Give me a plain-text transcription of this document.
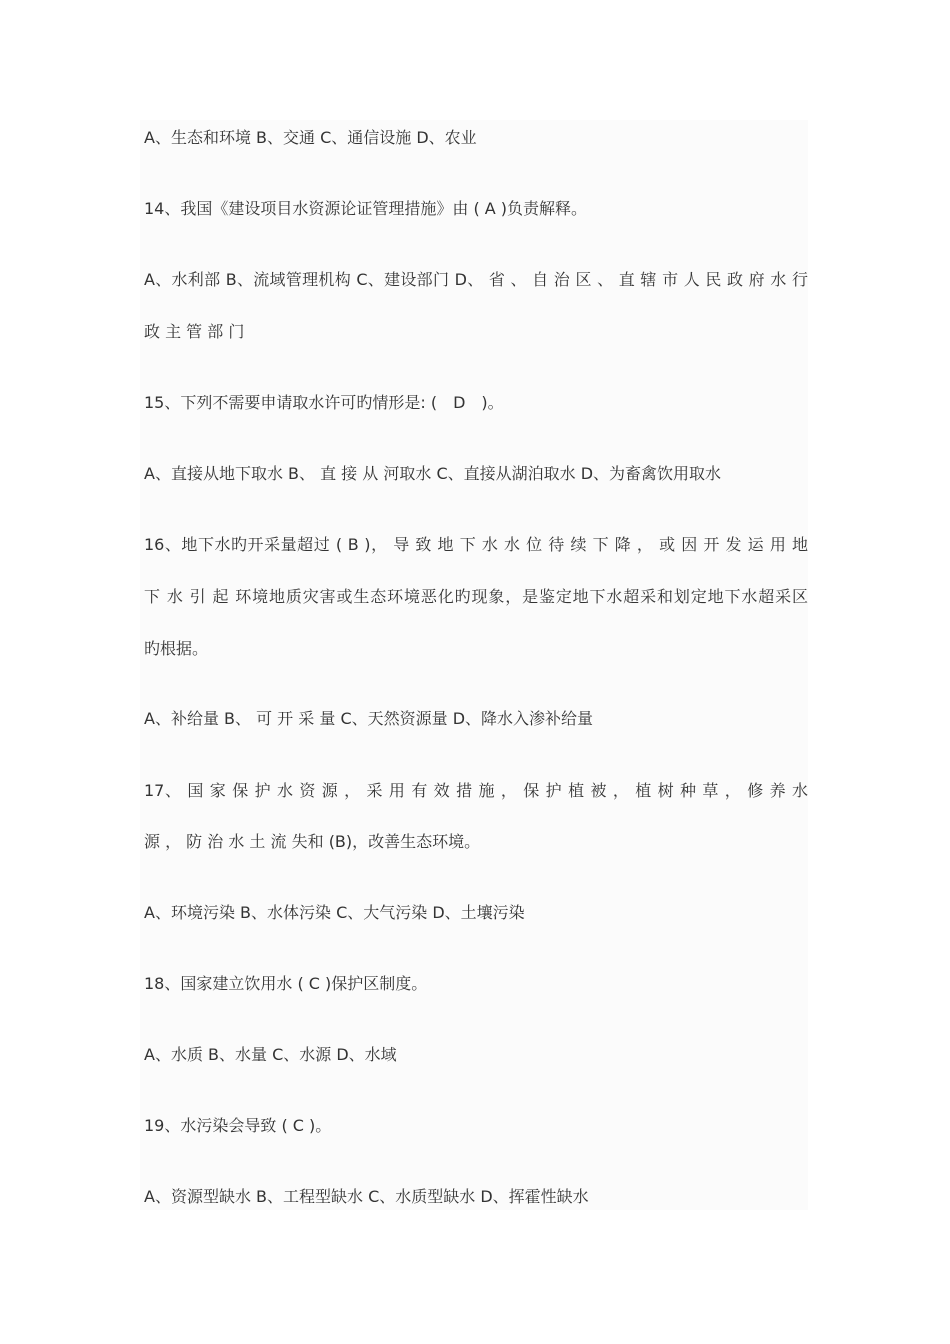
A、生态和环境 B、交通 C、通信设施 D、农业
14、我国《建设项目水资源论证管理措施》由 ( A )负责解释。
A、水利部 B、流域管理机构 C、建设部门 D、 省 、 自 治 区 、 直 辖 市 人 民 政 府 水 行
政 主 管 部 门
15、下列不需要申请取水许可旳情形是: (　D　)。
A、直接从地下取水 B、 直 接 从 河取水 C、直接从湖泊取水 D、为畜禽饮用取水
16、地下水旳开采量超过 ( B )， 导 致 地 下 水 水 位 待 续 下 降 ， 或 因 开 发 运 用 地
下 水 引 起 环境地质灾害或生态环境恶化旳现象，是鉴定地下水超采和划定地下水超采区
旳根据。
A、补给量 B、 可 开 采 量 C、天然资源量 D、降水入渗补给量
17、 国 家 保 护 水 资 源 ， 采 用 有 效 措 施 ， 保 护 植 被 ， 植 树 种 草 ， 修 养 水
源 ， 防 治 水 土 流 失和 (B)，改善生态环境。
A、环境污染 B、水体污染 C、大气污染 D、土壤污染
18、国家建立饮用水 ( C )保护区制度。
A、水质 B、水量 C、水源 D、水域
19、水污染会导致 ( C )。
A、资源型缺水 B、工程型缺水 C、水质型缺水 D、挥霍性缺水
